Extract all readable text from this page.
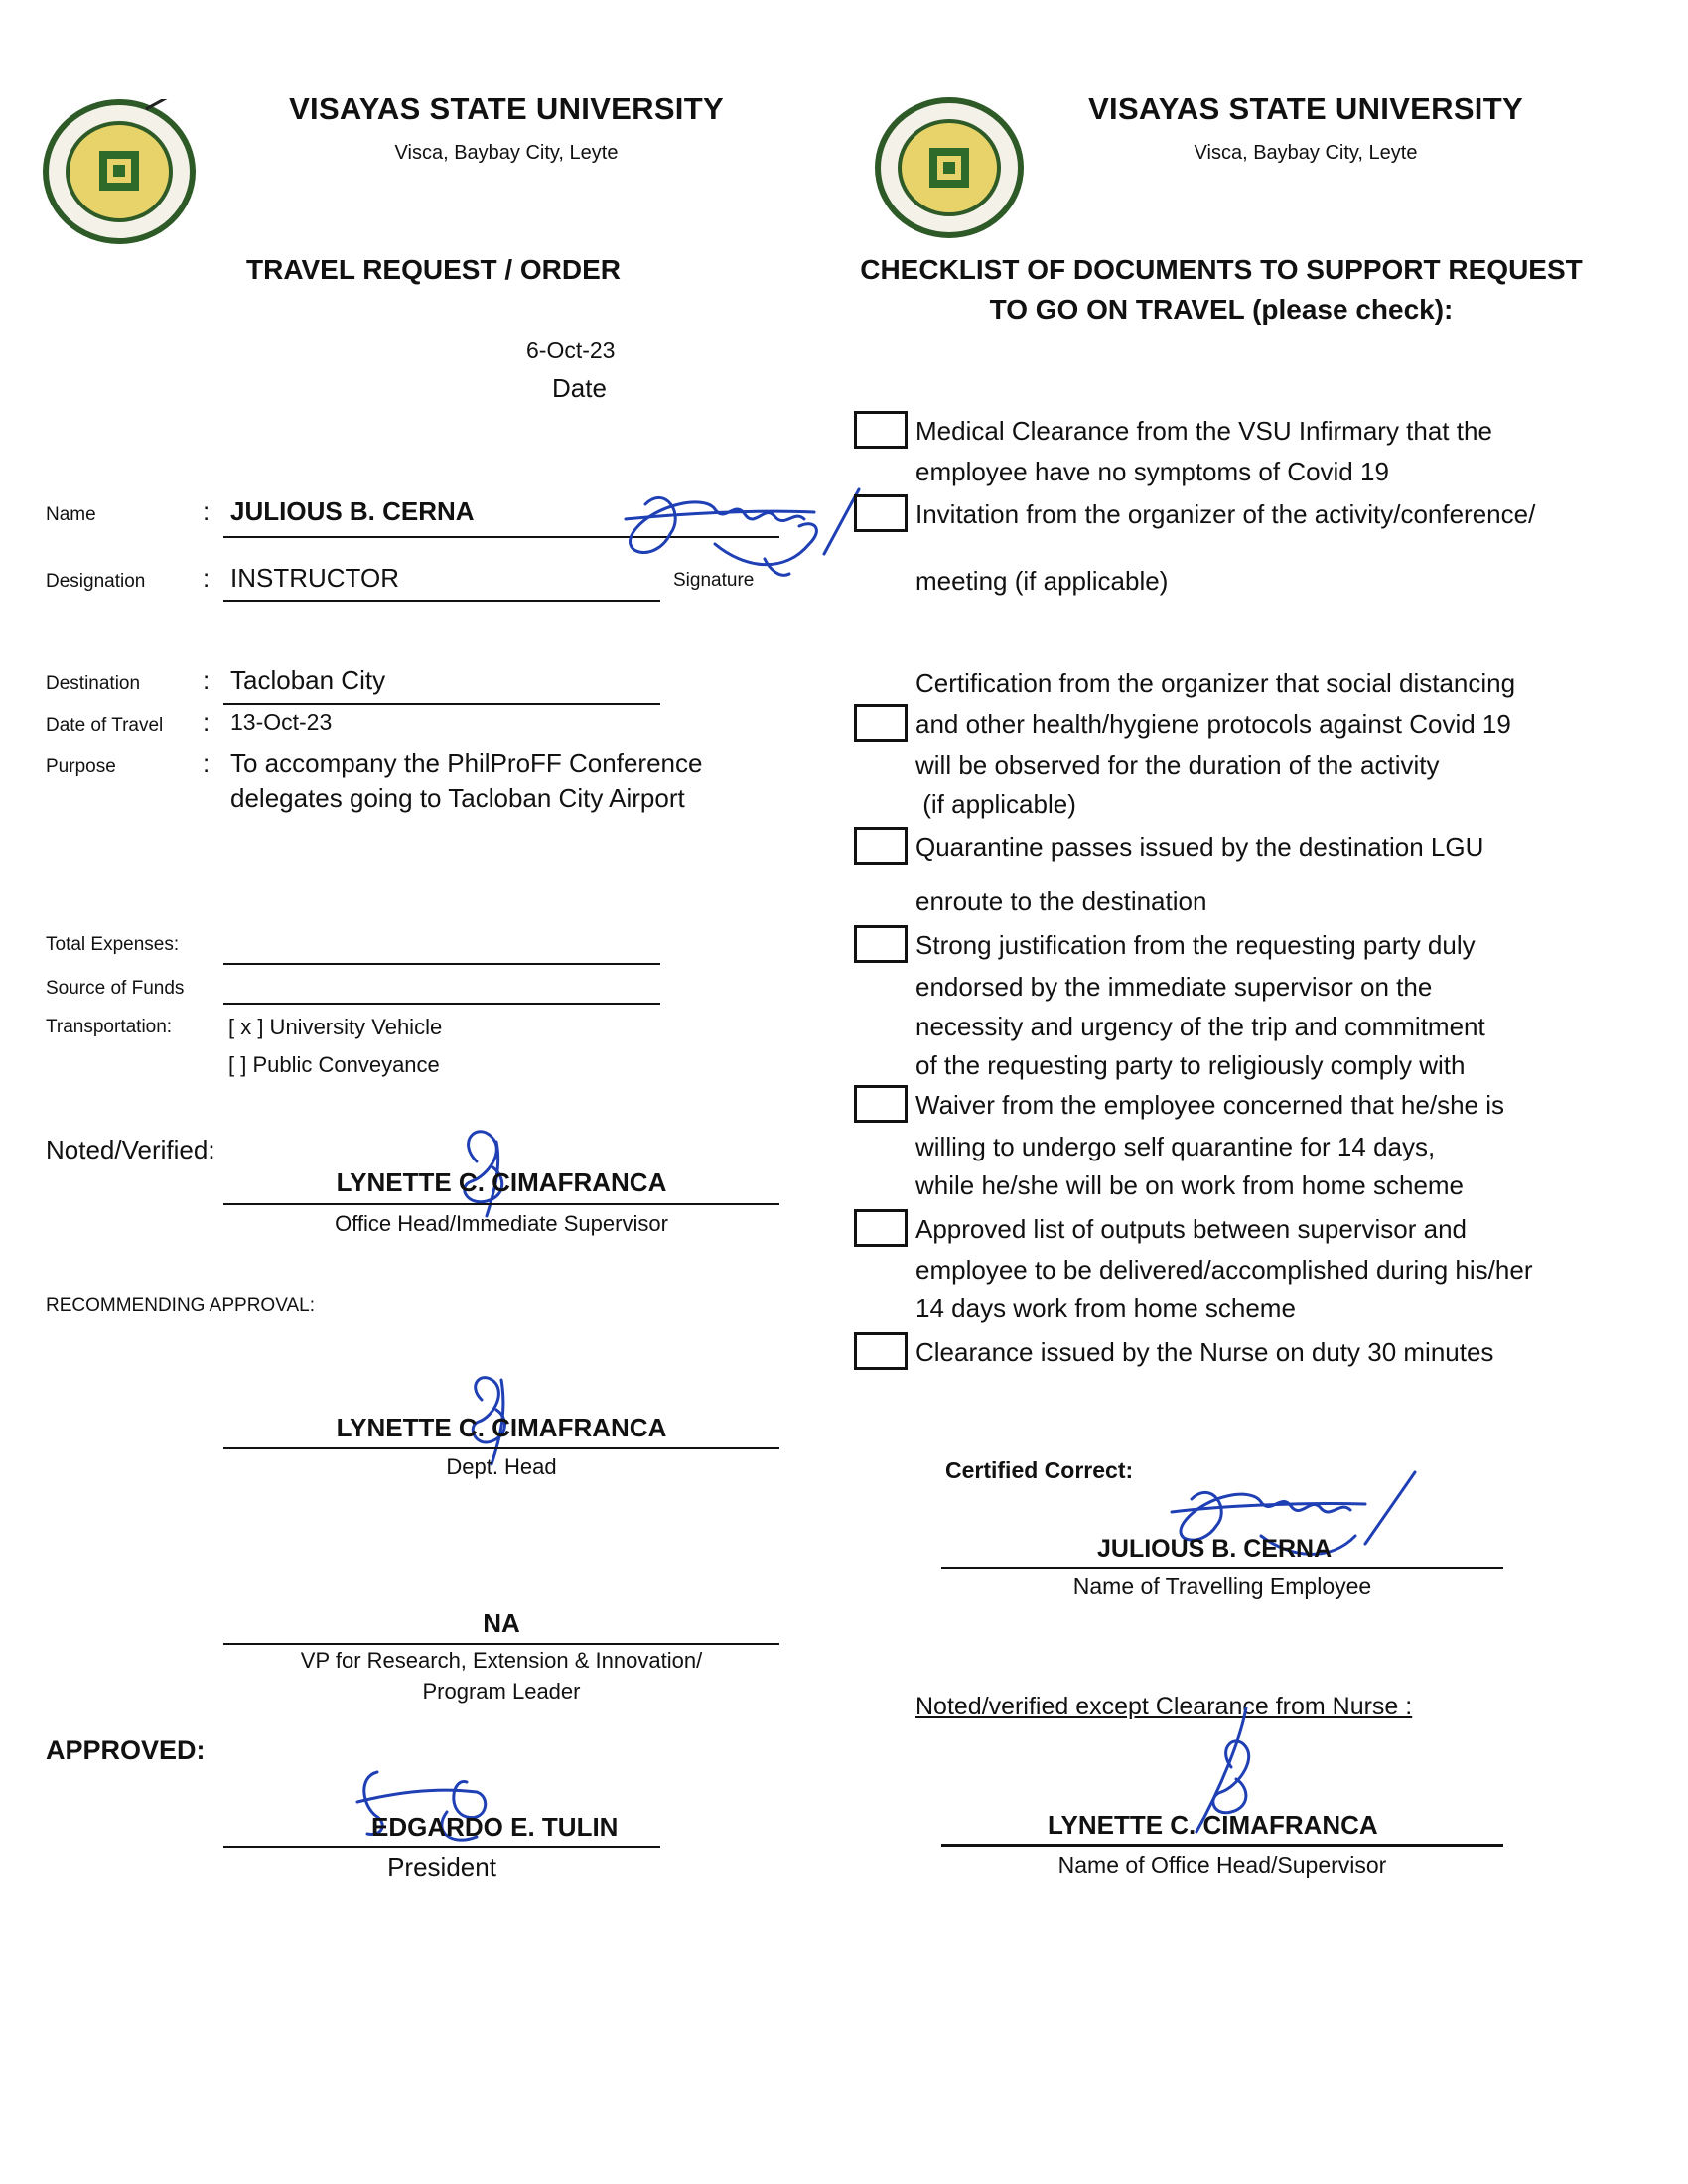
VISAYAS STATE UNIVERSITY
Visca, Baybay City, Leyte
VISAYAS STATE UNIVERSITY
Visca, Baybay City, Leyte
TRAVEL REQUEST / ORDER
6-Oct-23
Date
Name	: JULIOUS B. CERNA
Signature
Designation : INSTRUCTOR
Destination : Tacloban City
Date of Travel : 13-Oct-23
Purpose	: To accompany the PhilProFF Conference
delegates going to Tacloban City Airport
Total Expenses:
Source of Funds
Transportation:	[ x ] University Vehicle
[ ] Public Conveyance
Noted/Verified:
LYNETTE C. CIMAFRANCA
Office Head/Immediate Supervisor
RECOMMENDING APPROVAL:
LYNETTE C. CIMAFRANCA
Dept. Head
NA
VP for Research, Extension & Innovation/
Program Leader
APPROVED:
EDGARDO E. TULIN
President
CHECKLIST OF DOCUMENTS TO SUPPORT REQUEST
TO GO ON TRAVEL (please check):
Medical Clearance from the VSU Infirmary that the
employee have no symptoms of Covid 19
Invitation from the organizer of the activity/conference/
meeting (if applicable)
Certification from the organizer that social distancing
and other health/hygiene protocols against Covid 19
will be observed for the duration of the activity
(if applicable)
Quarantine passes issued by the destination LGU
enroute to the destination
Strong justification from the requesting party duly
endorsed by the immediate supervisor on the
necessity and urgency of the trip and commitment
of the requesting party to religiously comply with
Waiver from the employee concerned that he/she is
willing to undergo self quarantine for 14 days,
while he/she will be on work from home scheme
Approved list of outputs between supervisor and
employee to be delivered/accomplished during his/her
14 days work from home scheme
Clearance issued by the Nurse on duty 30 minutes
Certified Correct:
JULIOUS B. CERNA
Name of Travelling Employee
Noted/verified except Clearance from Nurse :
LYNETTE C. CIMAFRANCA
Name of Office Head/Supervisor
